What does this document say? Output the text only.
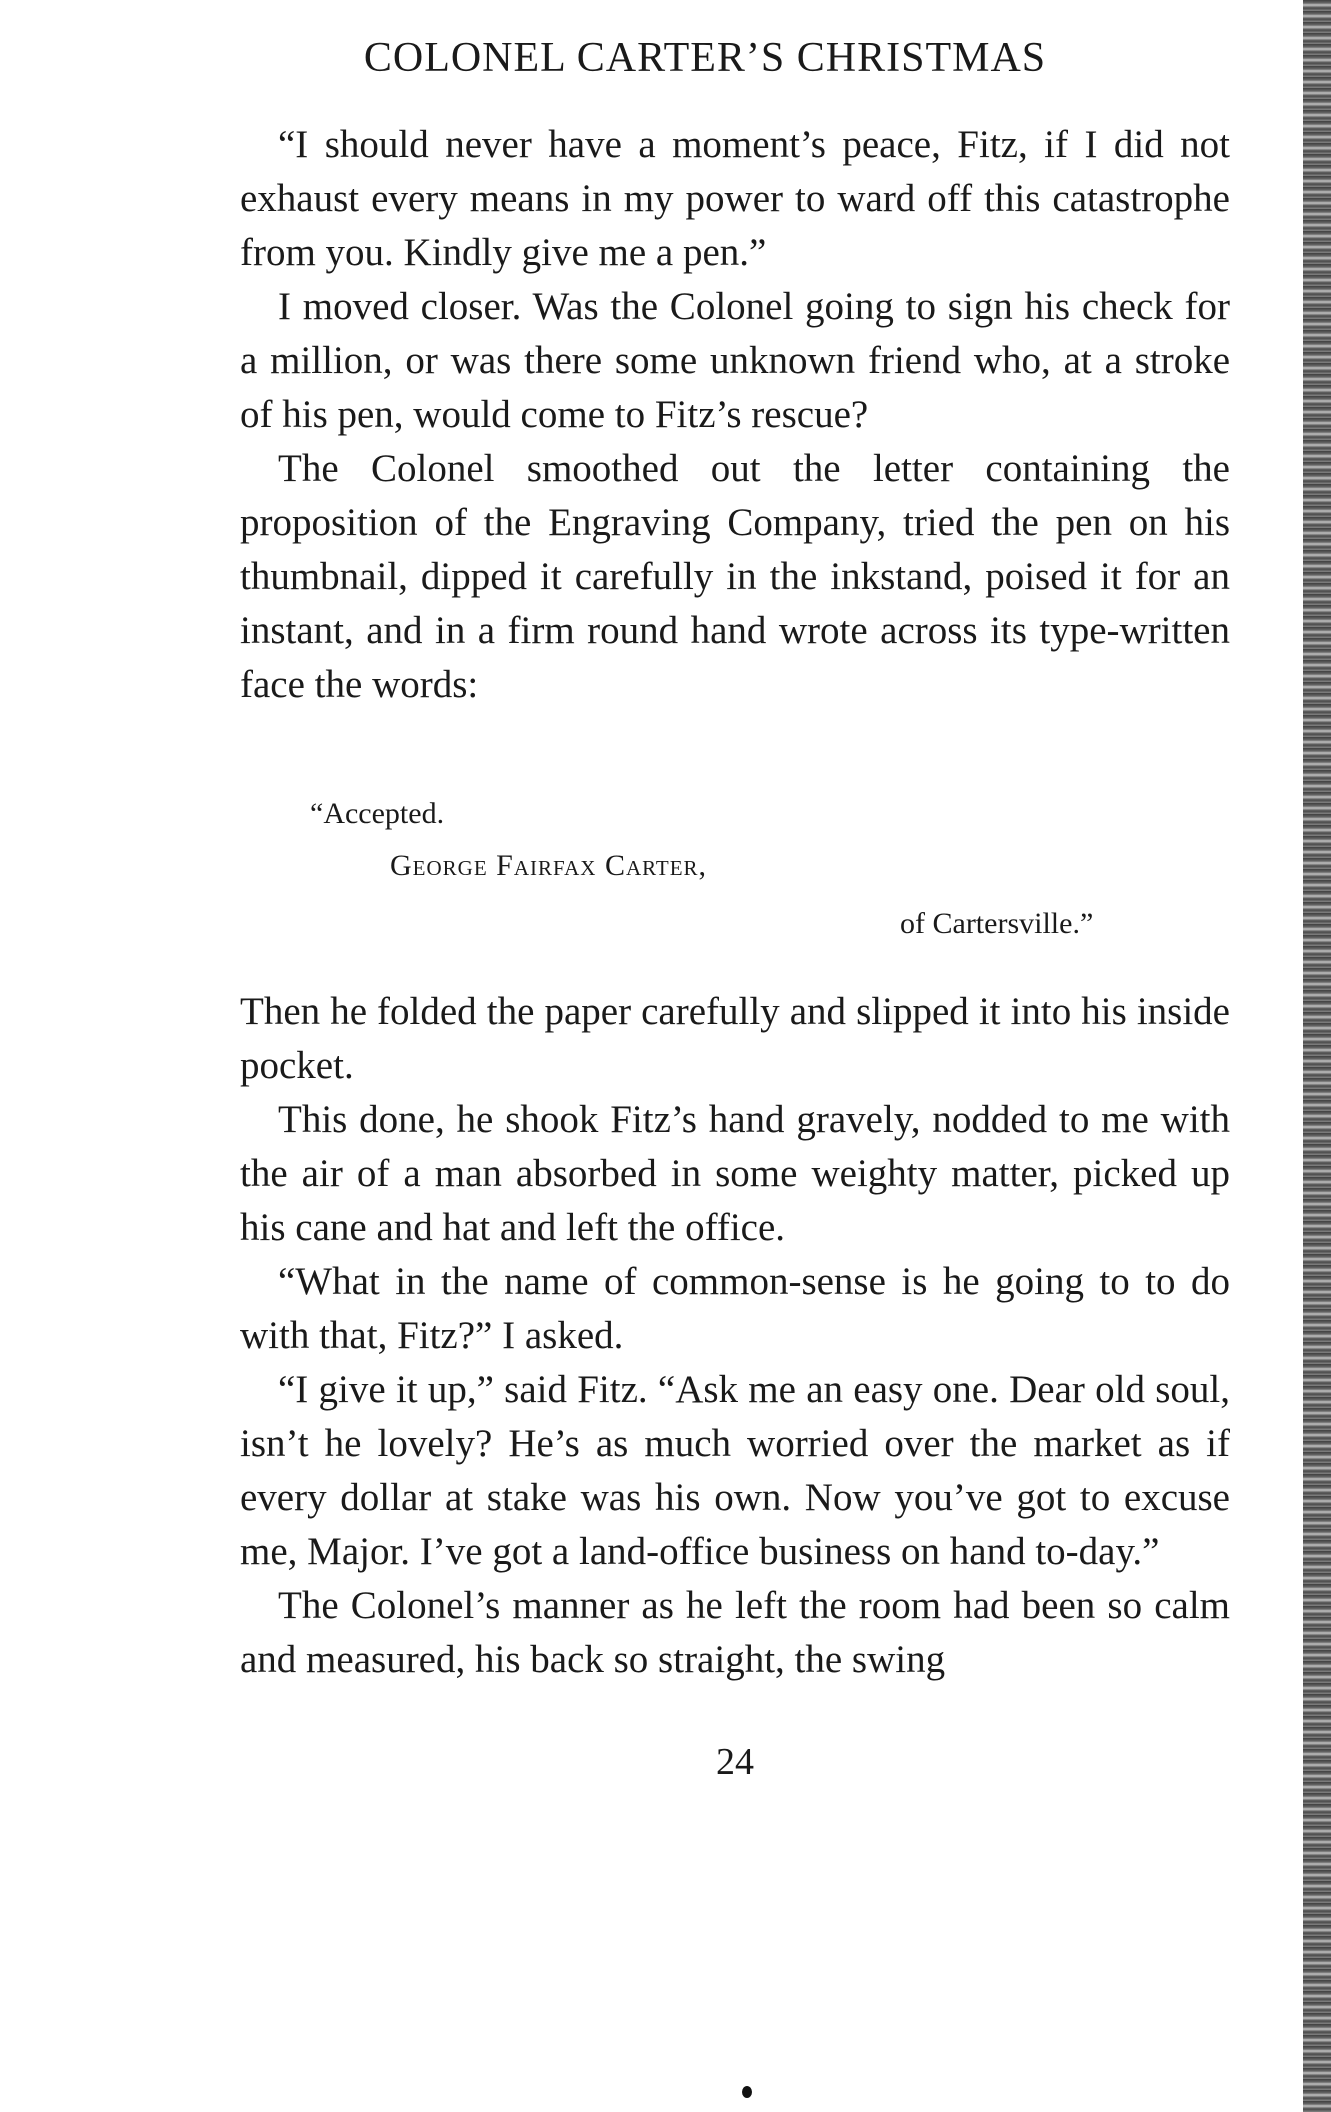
COLONEL CARTER’S CHRISTMAS

“I should never have a moment’s peace, Fitz, if I did not exhaust every means in my power to ward off this catastrophe from you. Kindly give me a pen.”

I moved closer. Was the Colonel going to sign his check for a million, or was there some unknown friend who, at a stroke of his pen, would come to Fitz’s rescue?

The Colonel smoothed out the letter containing the proposition of the Engraving Company, tried the pen on his thumbnail, dipped it carefully in the inkstand, poised it for an instant, and in a firm round hand wrote across its type-written face the words:

“Accepted.
George Fairfax Carter,
of Cartersville.”

Then he folded the paper carefully and slipped it into his inside pocket.

This done, he shook Fitz’s hand gravely, nodded to me with the air of a man absorbed in some weighty matter, picked up his cane and hat and left the office.

“What in the name of common-sense is he going to to do with that, Fitz?” I asked.

“I give it up,” said Fitz. “Ask me an easy one. Dear old soul, isn’t he lovely? He’s as much worried over the market as if every dollar at stake was his own. Now you’ve got to excuse me, Major. I’ve got a land-office business on hand to-day.”

The Colonel’s manner as he left the room had been so calm and measured, his back so straight, the swing

24
